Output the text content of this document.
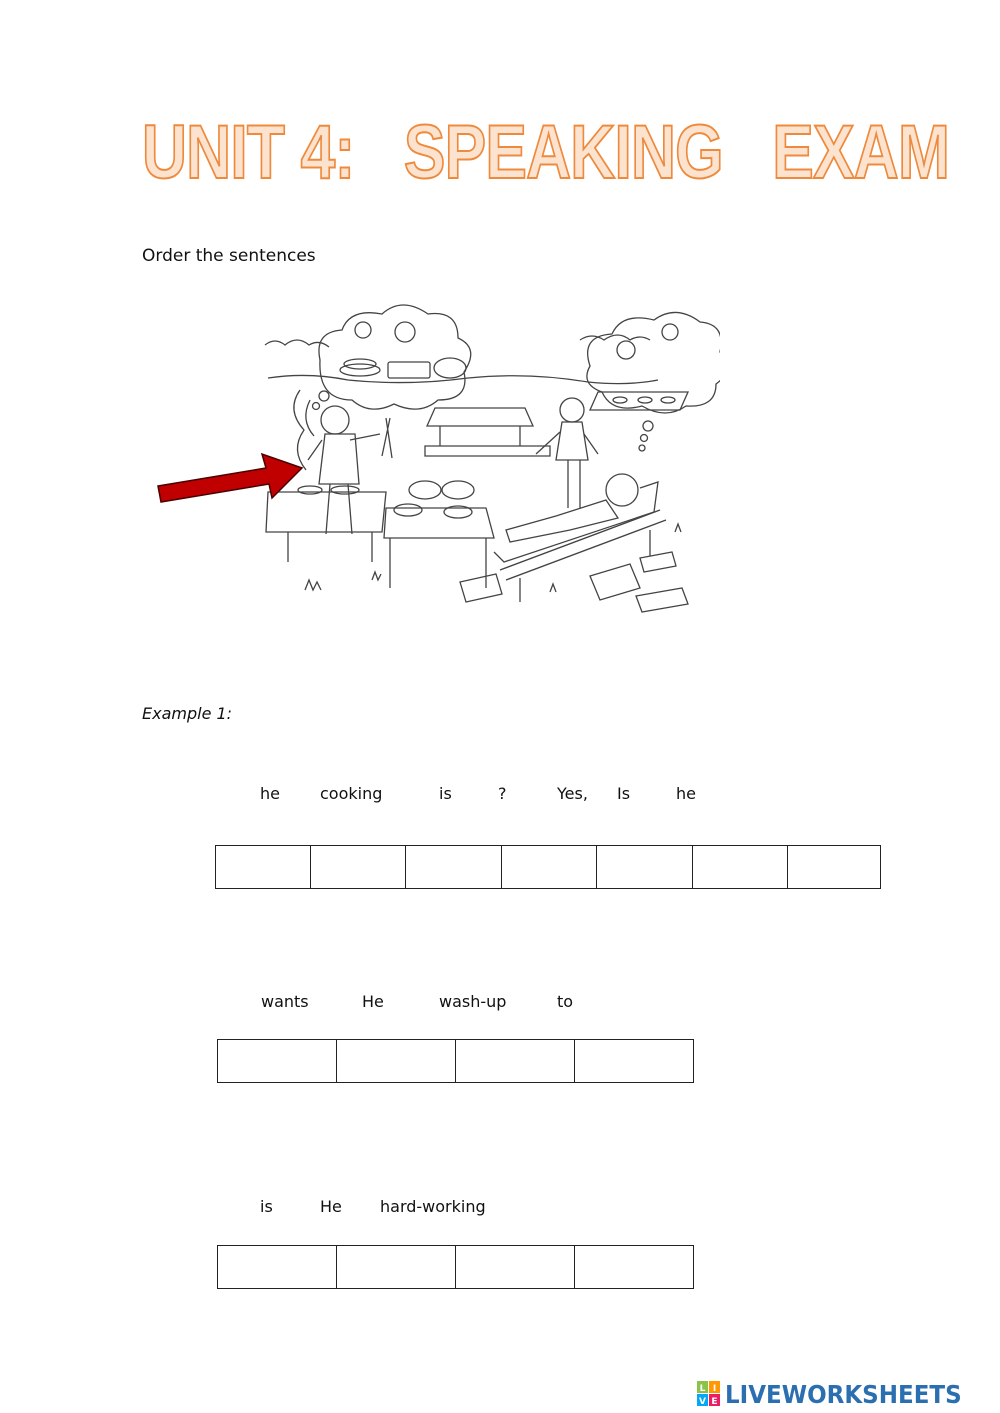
UNIT 4:   SPEAKING   EXAM
Order the sentences
Example 1:
he	cooking	is	?	Yes, Is	he
wants	He	wash-up	to
is	He hard-working
L I
V E LIVEWORKSHEETS
